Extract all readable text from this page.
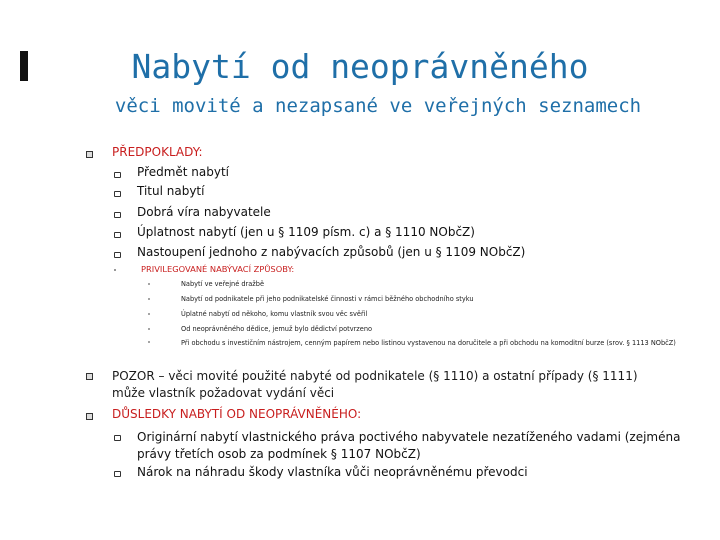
Nabytí od neoprávněného
věci movité a nezapsané ve veřejných seznamech
PŘEDPOKLADY:
Předmět nabytí
Titul nabytí
Dobrá víra nabyvatele
Úplatnost nabytí (jen u § 1109 písm. c) a § 1110 NObčZ)
Nastoupení jednoho z nabývacích způsobů (jen u § 1109 NObčZ)
PRIVILEGOVANÉ NABÝVACÍ ZPŮSOBY:
Nabytí ve veřejné dražbě
Nabytí od podnikatele při jeho podnikatelské činnosti v rámci běžného obchodního styku
Úplatné nabytí od někoho, komu vlastník svou věc svěřil
Od neoprávněného dědice, jemuž bylo dědictví potvrzeno
Při obchodu s investičním nástrojem, cenným papírem nebo listinou vystavenou na doručitele a při obchodu na komoditní burze (srov. § 1113 NObčZ)
POZOR – věci movité použité nabyté od podnikatele (§ 1110) a ostatní případy (§ 1111) může vlastník požadovat vydání věci
DŮSLEDKY NABYTÍ OD NEOPRÁVNĚNÉHO:
Originární nabytí vlastnického práva poctivého nabyvatele nezatíženého vadami (zejména právy třetích osob za podmínek § 1107 NObčZ)
Nárok na náhradu škody vlastníka vůči neoprávněnému převodci
